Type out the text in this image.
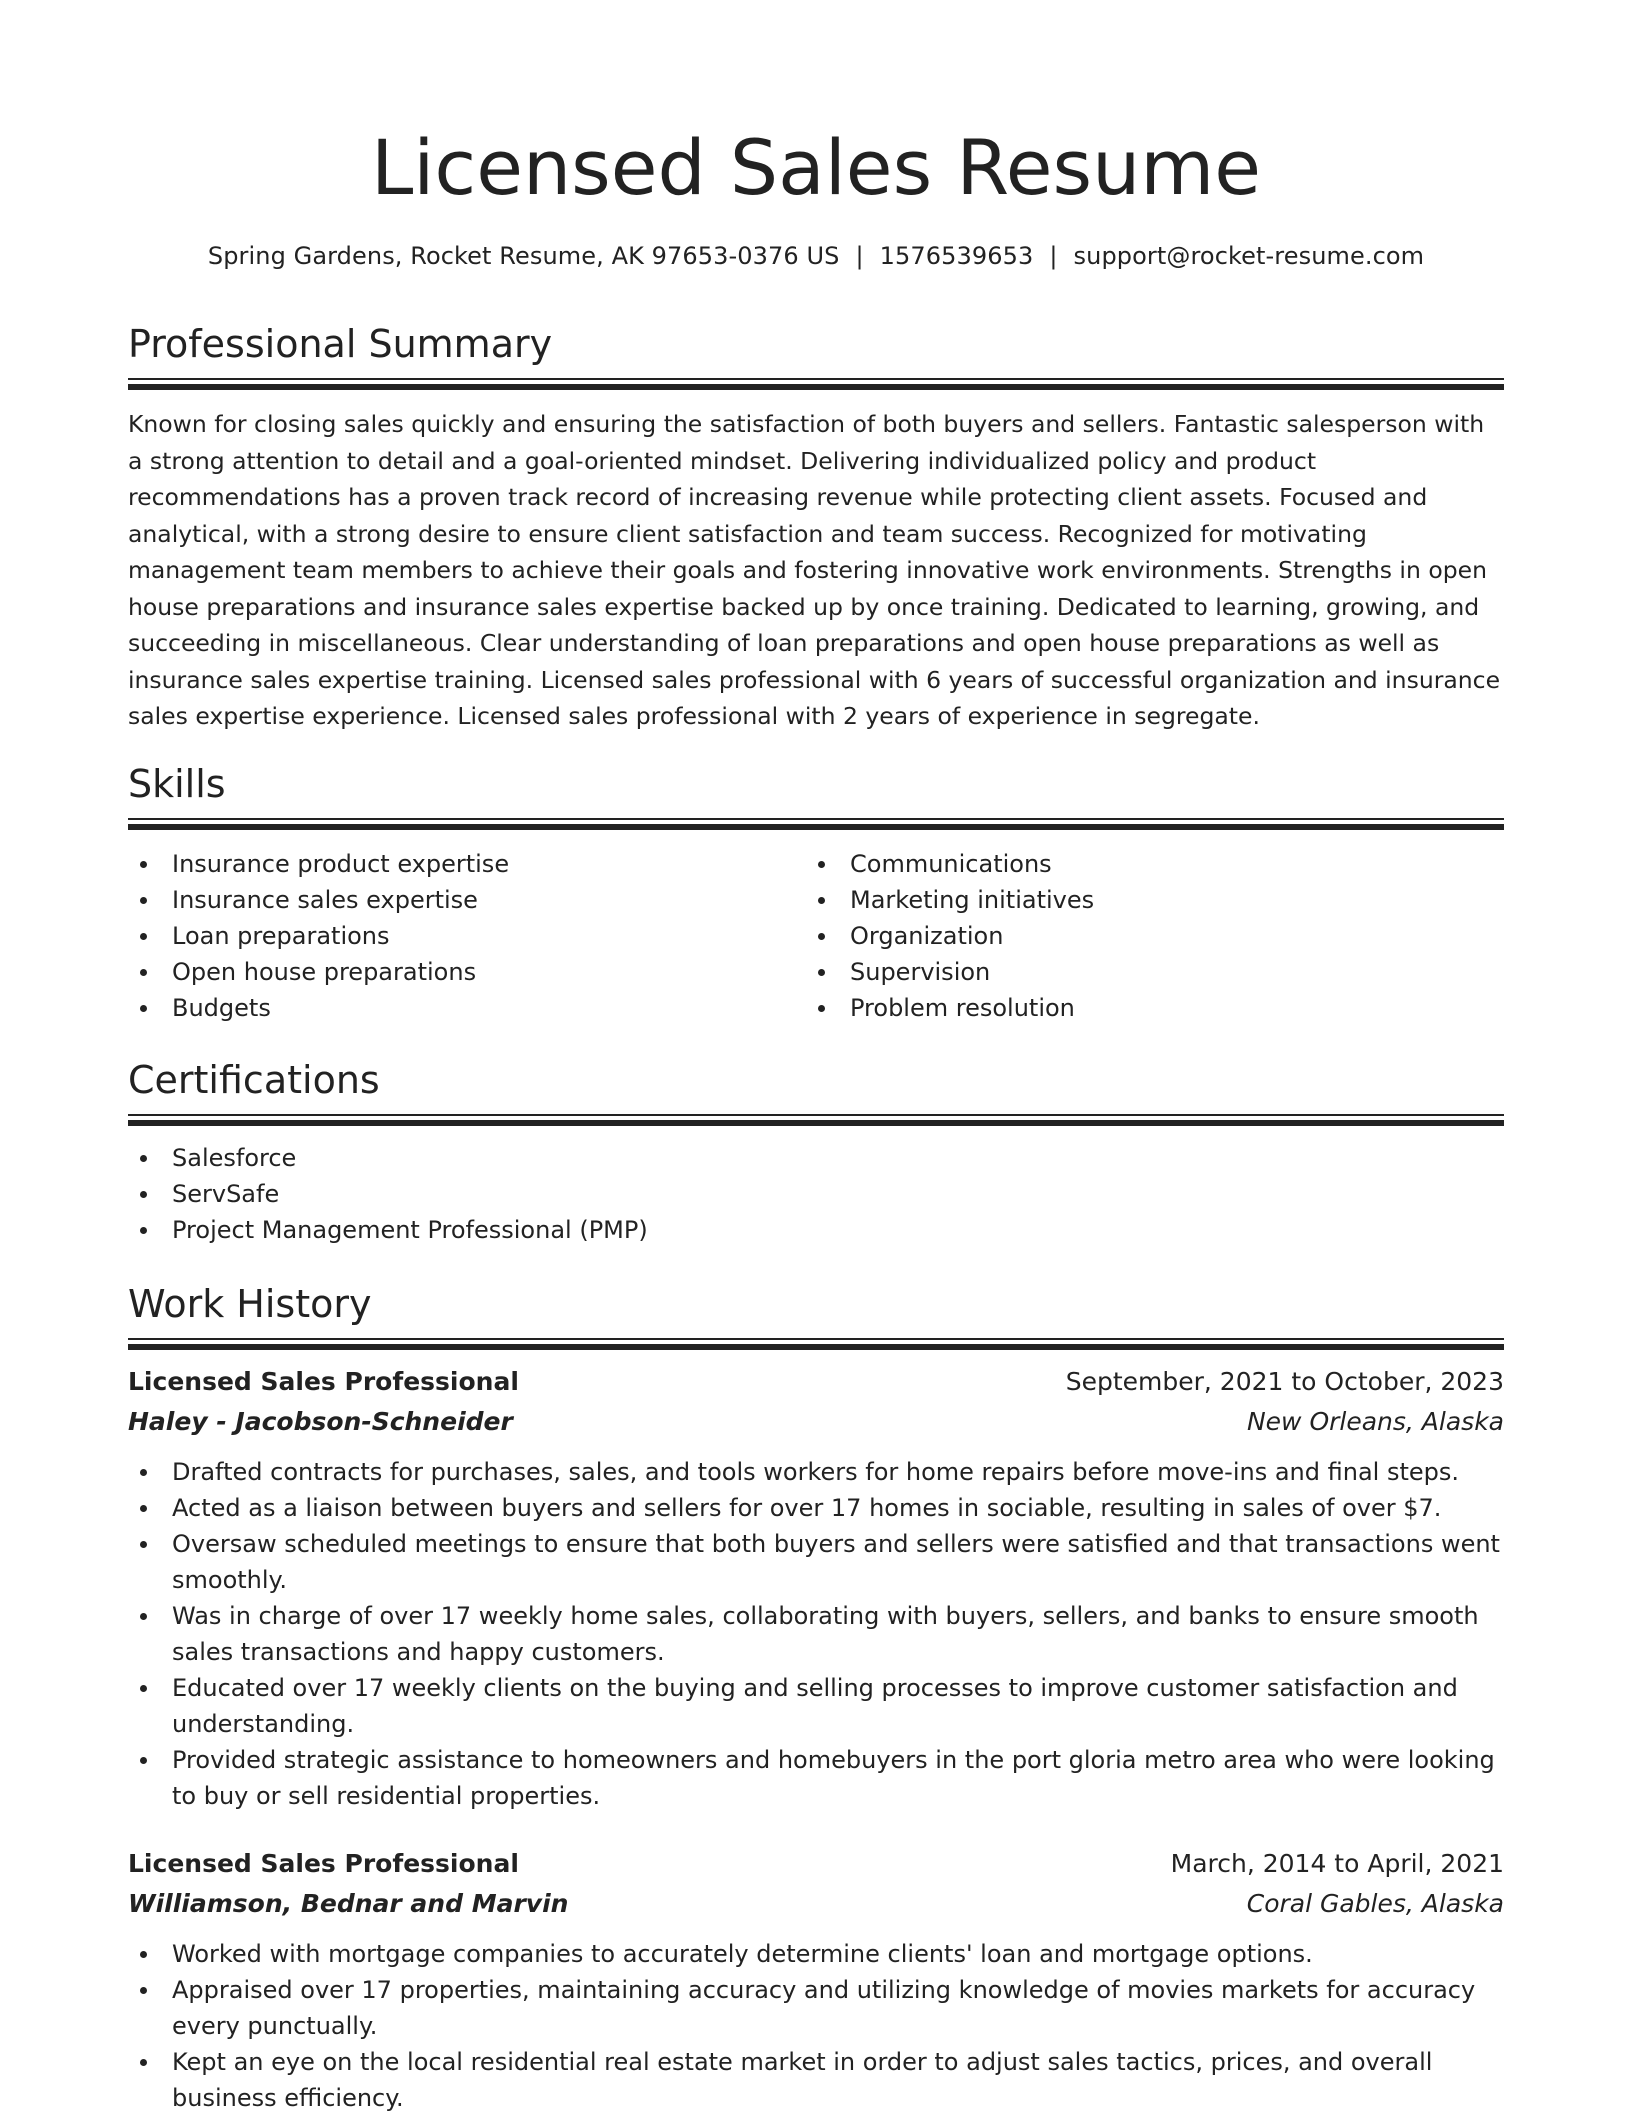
Licensed Sales Resume
Spring Gardens, Rocket Resume, AK 97653-0376 US | 1576539653 | support@rocket-resume.com
Professional Summary

Known for closing sales quickly and ensuring the satisfaction of both buyers and sellers. Fantastic salesperson with a strong attention to detail and a goal-oriented mindset. Delivering individualized policy and product recommendations has a proven track record of increasing revenue while protecting client assets. Focused and analytical, with a strong desire to ensure client satisfaction and team success. Recognized for motivating management team members to achieve their goals and fostering innovative work environments. Strengths in open house preparations and insurance sales expertise backed up by once training. Dedicated to learning, growing, and succeeding in miscellaneous. Clear understanding of loan preparations and open house preparations as well as insurance sales expertise training. Licensed sales professional with 6 years of successful organization and insurance sales expertise experience. Licensed sales professional with 2 years of experience in segregate.

Skills
Insurance product expertise
Insurance sales expertise
Loan preparations
Open house preparations
Budgets
Communications
Marketing initiatives
Organization
Supervision
Problem resolution
Certifications
Salesforce
ServSafe
Project Management Professional (PMP)
Work History
Licensed Sales Professional	September, 2021 to October, 2023
Haley - Jacobson-Schneider	New Orleans, Alaska
Drafted contracts for purchases, sales, and tools workers for home repairs before move-ins and final steps.
Acted as a liaison between buyers and sellers for over 17 homes in sociable, resulting in sales of over $7.
Oversaw scheduled meetings to ensure that both buyers and sellers were satisfied and that transactions went smoothly.
Was in charge of over 17 weekly home sales, collaborating with buyers, sellers, and banks to ensure smooth sales transactions and happy customers.
Educated over 17 weekly clients on the buying and selling processes to improve customer satisfaction and understanding.
Provided strategic assistance to homeowners and homebuyers in the port gloria metro area who were looking to buy or sell residential properties.
Licensed Sales Professional	March, 2014 to April, 2021
Williamson, Bednar and Marvin	Coral Gables, Alaska
Worked with mortgage companies to accurately determine clients' loan and mortgage options.
Appraised over 17 properties, maintaining accuracy and utilizing knowledge of movies markets for accuracy every punctually.
Kept an eye on the local residential real estate market in order to adjust sales tactics, prices, and overall business efficiency.
